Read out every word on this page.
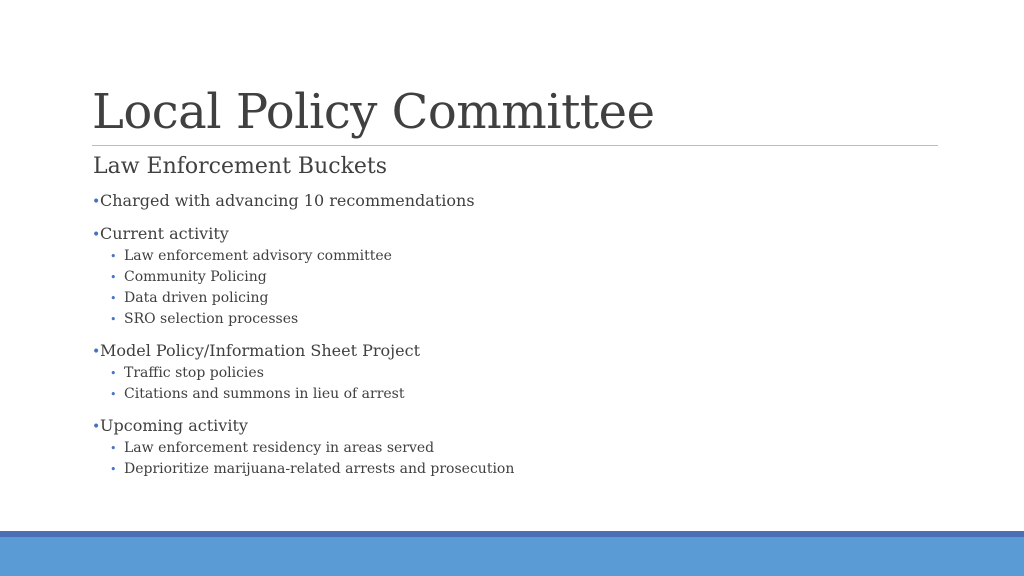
Local Policy Committee
Law Enforcement Buckets
• Charged with advancing 10 recommendations
• Current activity
• Law enforcement advisory committee
• Community Policing
• Data driven policing
• SRO selection processes
• Model Policy/Information Sheet Project
• Traffic stop policies
• Citations and summons in lieu of arrest
• Upcoming activity
• Law enforcement residency in areas served
• Deprioritize marijuana-related arrests and prosecution
